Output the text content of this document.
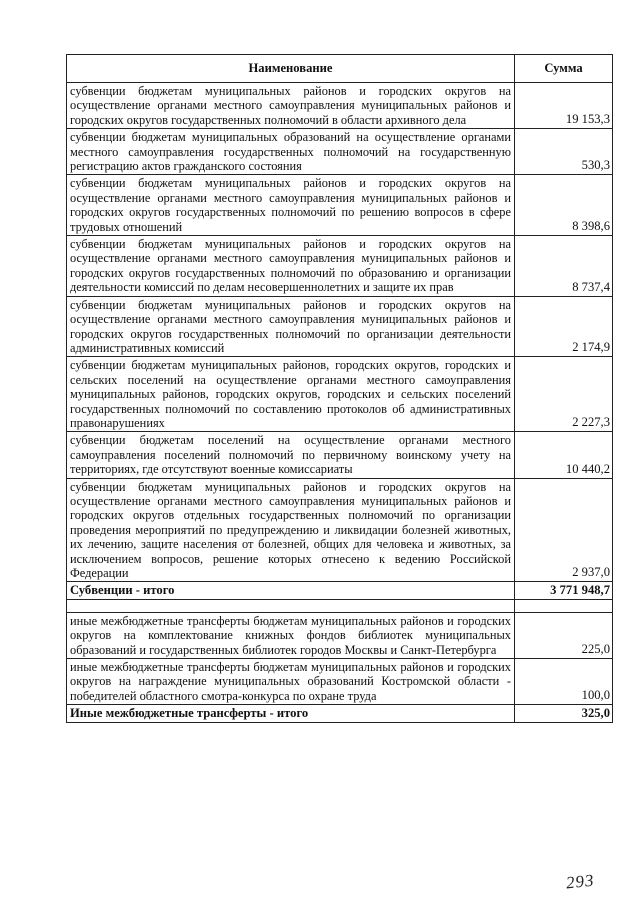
Наименование	Сумма
субвенции бюджетам муниципальных районов и городских округов на осуществление органами местного самоуправления муниципальных районов и городских округов государственных полномочий в области архивного дела	19 153,3
субвенции бюджетам муниципальных образований на осуществление органами местного самоуправления государственных полномочий на государственную регистрацию актов гражданского состояния	530,3
субвенции бюджетам муниципальных районов и городских округов на осуществление органами местного самоуправления муниципальных районов и городских округов государственных полномочий по решению вопросов в сфере трудовых отношений	8 398,6
субвенции бюджетам муниципальных районов и городских округов на осуществление органами местного самоуправления муниципальных районов и городских округов государственных полномочий по образованию и организации деятельности комиссий по делам несовершеннолетних и защите их прав	8 737,4
субвенции бюджетам муниципальных районов и городских округов на осуществление органами местного самоуправления муниципальных районов и городских округов государственных полномочий по организации деятельности административных комиссий	2 174,9
субвенции бюджетам муниципальных районов, городских округов, городских и сельских поселений на осуществление органами местного самоуправления муниципальных районов, городских округов, городских и сельских поселений государственных полномочий по составлению протоколов об административных правонарушениях	2 227,3
субвенции бюджетам поселений на осуществление органами местного самоуправления поселений полномочий по первичному воинскому учету на территориях, где отсутствуют военные комиссариаты	10 440,2
субвенции бюджетам муниципальных районов и городских округов на осуществление органами местного самоуправления муниципальных районов и городских округов отдельных государственных полномочий по организации проведения мероприятий по предупреждению и ликвидации болезней животных, их лечению, защите населения от болезней, общих для человека и животных, за исключением вопросов, решение которых отнесено к ведению Российской Федерации	2 937,0
Субвенции - итого	3 771 948,7

иные межбюджетные трансферты бюджетам муниципальных районов и городских округов на комплектование книжных фондов библиотек муниципальных образований и государственных библиотек городов Москвы и Санкт-Петербурга	225,0
иные межбюджетные трансферты бюджетам муниципальных районов и городских округов на награждение муниципальных образований Костромской области - победителей областного смотра-конкурса по охране труда	100,0
Иные межбюджетные трансферты - итого	325,0
293
